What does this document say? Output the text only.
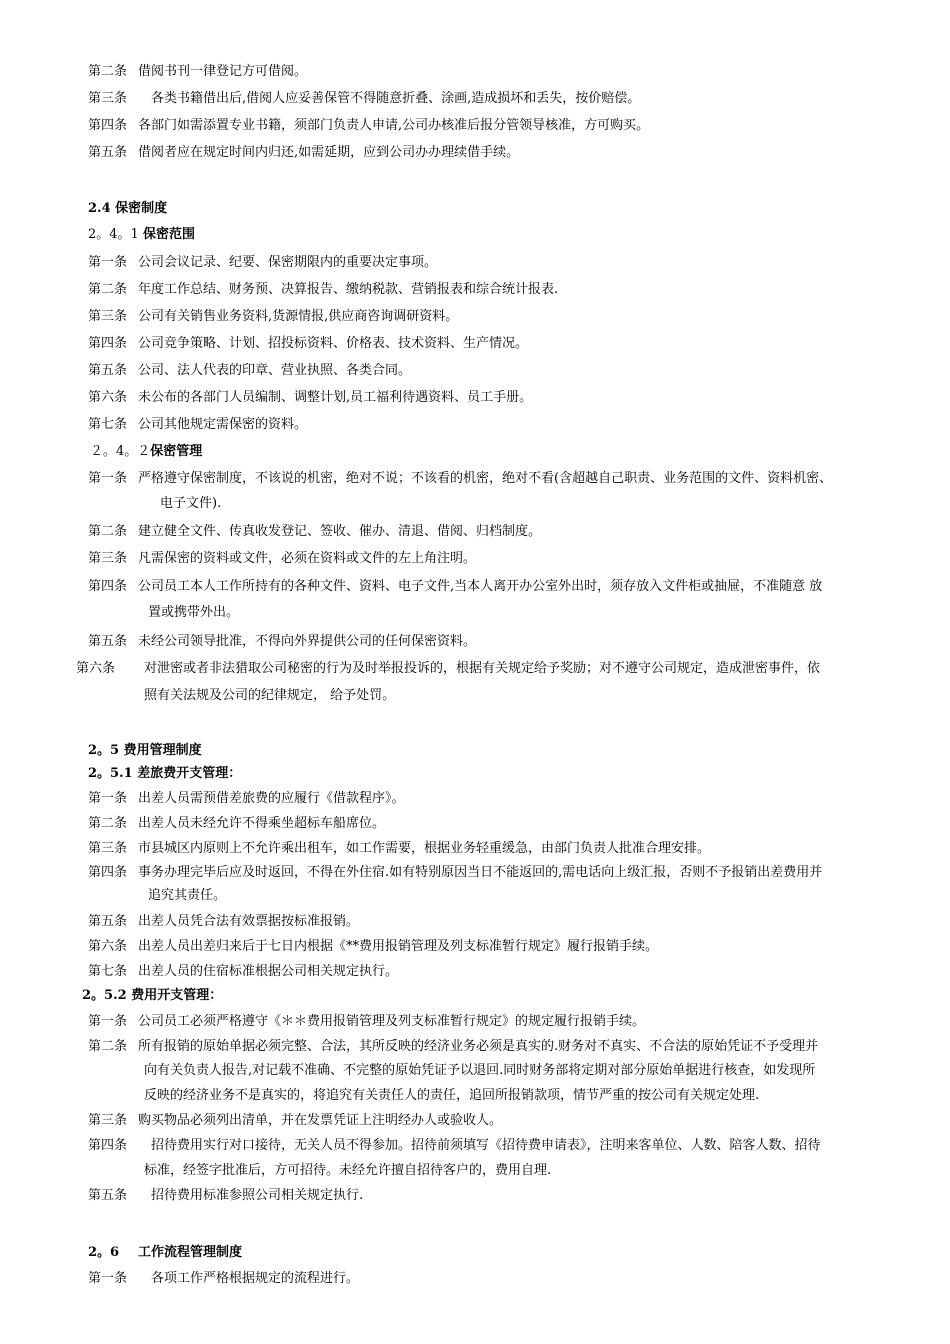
第二条 借阅书刊一律登记方可借阅。
第三条　各类书籍借出后,借阅人应妥善保管不得随意折叠、涂画,造成损坏和丢失，按价赔偿。
第四条 各部门如需添置专业书籍，须部门负责人申请,公司办核准后报分管领导核准，方可购买。
第五条 借阅者应在规定时间内归还,如需延期，应到公司办办理续借手续。
2.4 保密制度
2。4。1 保密范围
第一条 公司会议记录、纪要、保密期限内的重要决定事项。
第二条 年度工作总结、财务预、决算报告、缴纳税款、营销报表和综合统计报表.
第三条 公司有关销售业务资料,货源情报,供应商咨询调研资料。
第四条 公司竞争策略、计划、招投标资料、价格表、技术资料、生产情况。
第五条 公司、法人代表的印章、营业执照、各类合同。
第六条 未公布的各部门人员编制、调整计划,员工福利待遇资料、员工手册。
第七条 公司其他规定需保密的资料。
２。4。２保密管理
第一条 严格遵守保密制度，不该说的机密，绝对不说；不该看的机密，绝对不看(含超越自己职责、业务范围的文件、资料机密、
电子文件).
第二条 建立健全文件、传真收发登记、签收、催办、清退、借阅、归档制度。
第三条 凡需保密的资料或文件，必须在资料或文件的左上角注明。
第四条 公司员工本人工作所持有的各种文件、资料、电子文件,当本人离开办公室外出时，须存放入文件柜或抽屉，不准随意 放
置或携带外出。
第五条 未经公司领导批准，不得向外界提供公司的任何保密资料。
第六条 对泄密或者非法猎取公司秘密的行为及时举报投诉的，根据有关规定给予奖励；对不遵守公司规定，造成泄密事件，依
照有关法规及公司的纪律规定， 给予处罚。
2。5 费用管理制度
2。5.1 差旅费开支管理：
第一条 出差人员需预借差旅费的应履行《借款程序》。
第二条 出差人员未经允许不得乘坐超标车船席位。
第三条 市县城区内原则上不允许乘出租车，如工作需要，根据业务轻重缓急，由部门负责人批准合理安排。
第四条 事务办理完毕后应及时返回，不得在外住宿.如有特别原因当日不能返回的,需电话向上级汇报，否则不予报销出差费用并
追究其责任。
第五条 出差人员凭合法有效票据按标准报销。
第六条 出差人员出差归来后于七日内根据《**费用报销管理及列支标准暂行规定》履行报销手续。
第七条 出差人员的住宿标准根据公司相关规定执行。
2。5.2 费用开支管理：
第一条 公司员工必须严格遵守《＊＊费用报销管理及列支标准暂行规定》的规定履行报销手续。
第二条 所有报销的原始单据必须完整、合法，其所反映的经济业务必须是真实的.财务对不真实、不合法的原始凭证不予受理并
向有关负责人报告,对记载不准确、不完整的原始凭证予以退回.同时财务部将定期对部分原始单据进行核查，如发现所
反映的经济业务不是真实的，将追究有关责任人的责任，追回所报销款项，情节严重的按公司有关规定处理.
第三条 购买物品必须列出清单，并在发票凭证上注明经办人或验收人。
第四条　招待费用实行对口接待，无关人员不得参加。招待前须填写《招待费申请表》，注明来客单位、人数、陪客人数、招待
标准，经签字批准后，方可招待。未经允许擅自招待客户的，费用自理.
第五条　招待费用标准参照公司相关规定执行.
2。6 工作流程管理制度
第一条　各项工作严格根据规定的流程进行。
